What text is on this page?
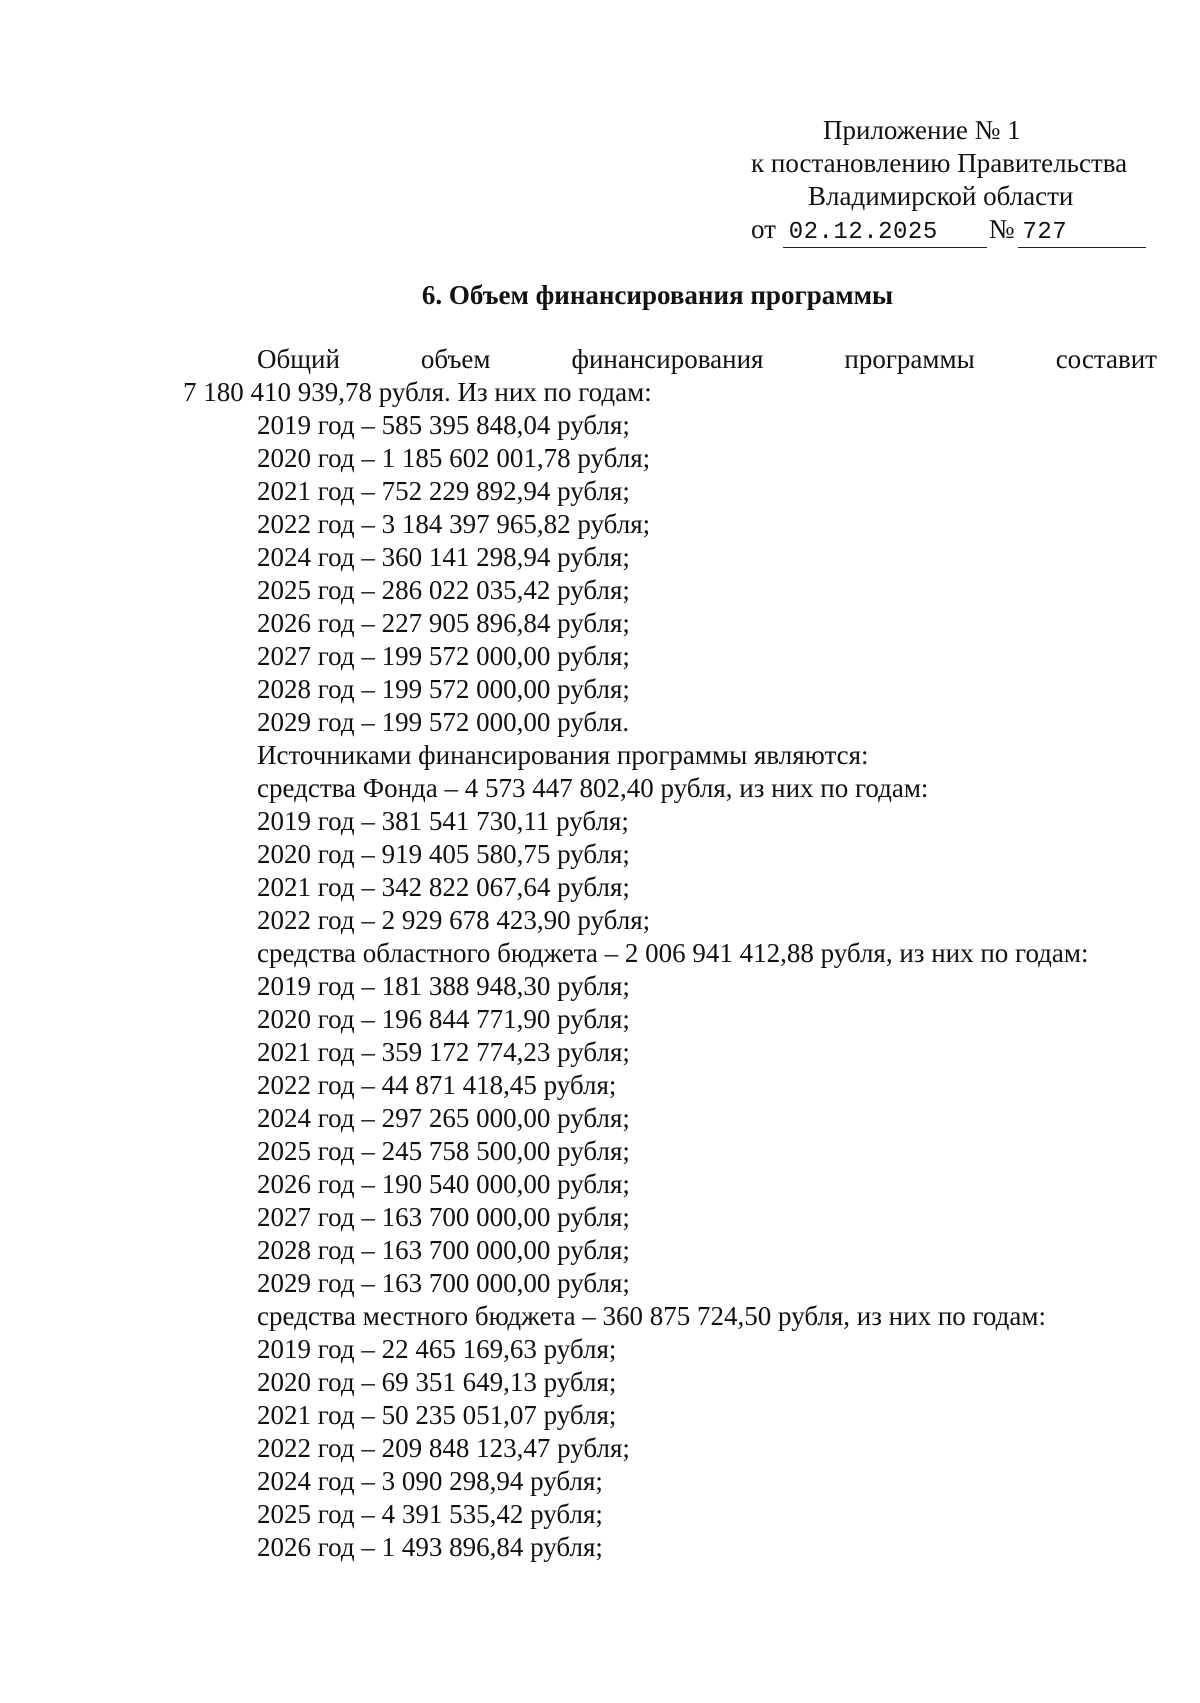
Приложение № 1
к постановлению Правительства
Владимирской области
от 02.12.2025 № 727
6. Объем финансирования программы
Общий	объем	финансирования	программы	составит
7 180 410 939,78 рубля. Из них по годам:
2019 год – 585 395 848,04 рубля;
2020 год – 1 185 602 001,78 рубля;
2021 год – 752 229 892,94 рубля;
2022 год – 3 184 397 965,82 рубля;
2024 год – 360 141 298,94 рубля;
2025 год – 286 022 035,42 рубля;
2026 год – 227 905 896,84 рубля;
2027 год – 199 572 000,00 рубля;
2028 год – 199 572 000,00 рубля;
2029 год – 199 572 000,00 рубля.
Источниками финансирования программы являются:
средства Фонда – 4 573 447 802,40 рубля, из них по годам:
2019 год – 381 541 730,11 рубля;
2020 год – 919 405 580,75 рубля;
2021 год – 342 822 067,64 рубля;
2022 год – 2 929 678 423,90 рубля;
средства областного бюджета – 2 006 941 412,88 рубля, из них по годам:
2019 год – 181 388 948,30 рубля;
2020 год – 196 844 771,90 рубля;
2021 год – 359 172 774,23 рубля;
2022 год – 44 871 418,45 рубля;
2024 год – 297 265 000,00 рубля;
2025 год – 245 758 500,00 рубля;
2026 год – 190 540 000,00 рубля;
2027 год – 163 700 000,00 рубля;
2028 год – 163 700 000,00 рубля;
2029 год – 163 700 000,00 рубля;
средства местного бюджета – 360 875 724,50 рубля, из них по годам:
2019 год – 22 465 169,63 рубля;
2020 год – 69 351 649,13 рубля;
2021 год – 50 235 051,07 рубля;
2022 год – 209 848 123,47 рубля;
2024 год – 3 090 298,94 рубля;
2025 год – 4 391 535,42 рубля;
2026 год – 1 493 896,84 рубля;
